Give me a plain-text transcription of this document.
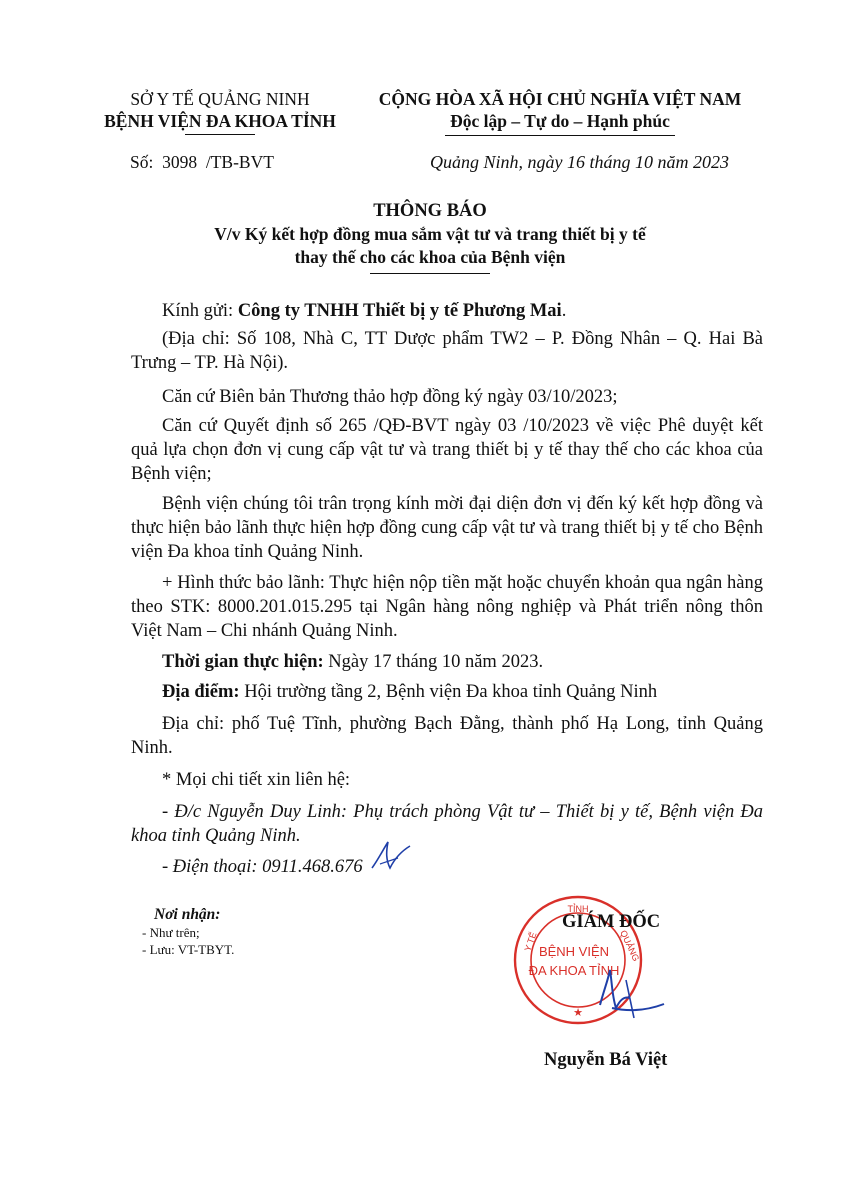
SỞ Y TẾ QUẢNG NINH
BỆNH VIỆN ĐA KHOA TỈNH
CỘNG HÒA XÃ HỘI CHỦ NGHĨA VIỆT NAM
Độc lập – Tự do – Hạnh phúc
Số:  3098  /TB-BVT	Quảng Ninh, ngày 16 tháng 10 năm 2023
THÔNG BÁO
V/v Ký kết hợp đồng mua sắm vật tư và trang thiết bị y tế
thay thế cho các khoa của Bệnh viện
Kính gửi: Công ty TNHH Thiết bị y tế Phương Mai.
(Địa chỉ: Số 108, Nhà C, TT Dược phẩm TW2 – P. Đồng Nhân – Q. Hai Bà Trưng – TP. Hà Nội).
Căn cứ Biên bản Thương thảo hợp đồng ký ngày 03/10/2023;
Căn cứ Quyết định số 265 /QĐ-BVT ngày 03 /10/2023 về việc Phê duyệt kết quả lựa chọn đơn vị cung cấp vật tư và trang thiết bị y tế thay thế cho các khoa của Bệnh viện;
Bệnh viện chúng tôi trân trọng kính mời đại diện đơn vị đến ký kết hợp đồng và thực hiện bảo lãnh thực hiện hợp đồng cung cấp vật tư và trang thiết bị y tế cho Bệnh viện Đa khoa tỉnh Quảng Ninh.
+ Hình thức bảo lãnh: Thực hiện nộp tiền mặt hoặc chuyển khoản qua ngân hàng theo STK: 8000.201.015.295 tại Ngân hàng nông nghiệp và Phát triển nông thôn Việt Nam – Chi nhánh Quảng Ninh.
Thời gian thực hiện: Ngày 17 tháng 10 năm 2023.
Địa điểm: Hội trường tầng 2, Bệnh viện Đa khoa tỉnh Quảng Ninh
Địa chỉ: phố Tuệ Tĩnh, phường Bạch Đằng, thành phố Hạ Long, tỉnh Quảng Ninh.
* Mọi chi tiết xin liên hệ:
- Đ/c Nguyễn Duy Linh: Phụ trách phòng Vật tư – Thiết bị y tế, Bệnh viện Đa khoa tỉnh Quảng Ninh.
- Điện thoại: 0911.468.676
Nơi nhận:
- Như trên;
- Lưu: VT-TBYT.
TỈNH
Y TẾ	QUẢNG
BỆNH VIỆN
ĐA KHOA TỈNH
★
GIÁM ĐỐC
Nguyễn Bá Việt
